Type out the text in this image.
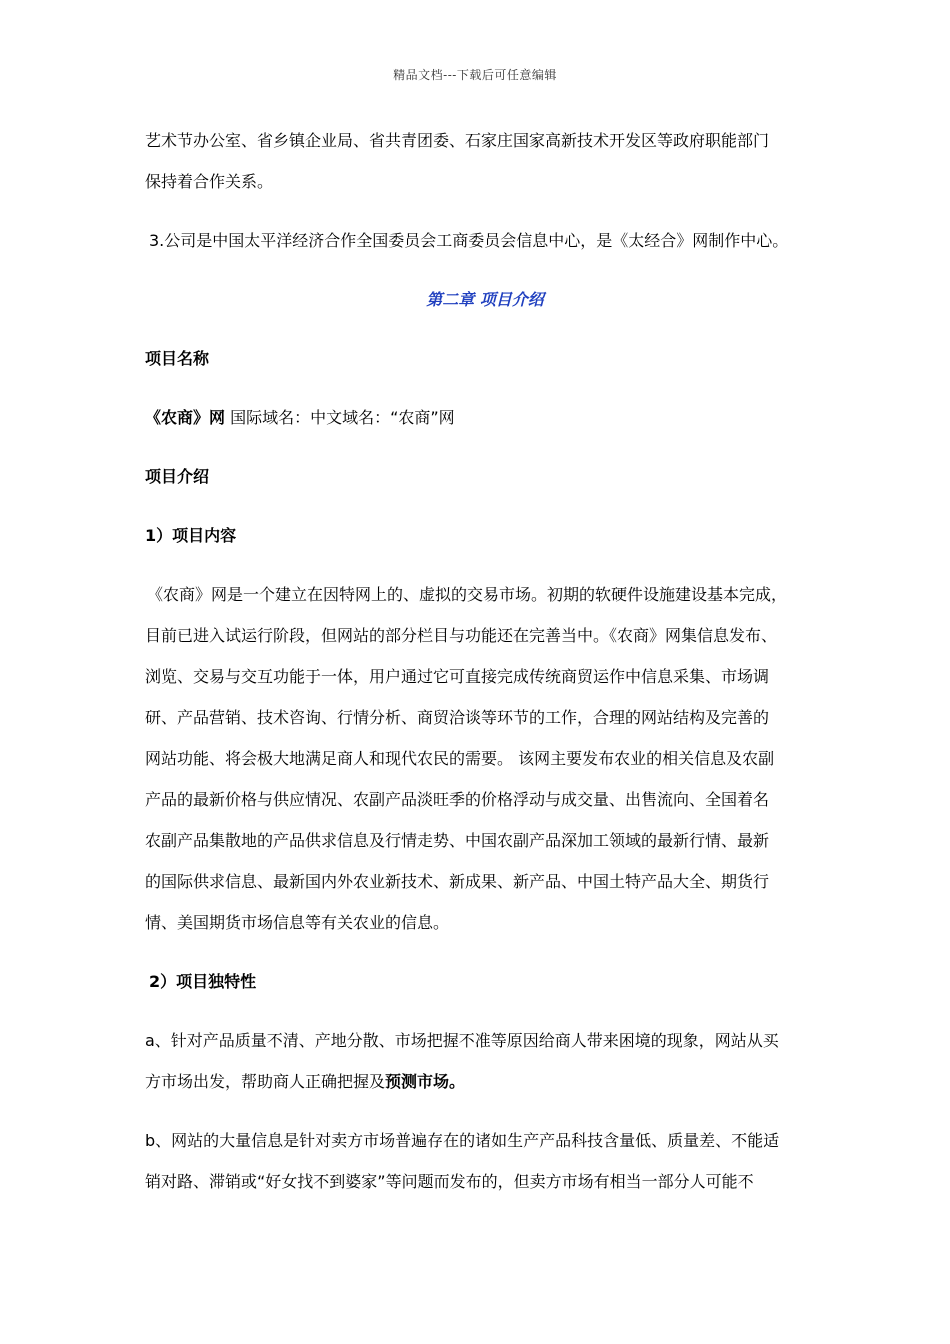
精品文档---下载后可任意编辑
艺术节办公室、省乡镇企业局、省共青团委、石家庄国家高新技术开发区等政府职能部门
保持着合作关系。
3.公司是中国太平洋经济合作全国委员会工商委员会信息中心，是《太经合》网制作中心。
第二章 项目介绍
项目名称
《农商》网 国际域名：中文域名：“农商”网
项目介绍
1）项目内容
《农商》网是一个建立在因特网上的、虚拟的交易市场。初期的软硬件设施建设基本完成，
目前已进入试运行阶段，但网站的部分栏目与功能还在完善当中。《农商》网集信息发布、
浏览、交易与交互功能于一体，用户通过它可直接完成传统商贸运作中信息采集、市场调
研、产品营销、技术咨询、行情分析、商贸洽谈等环节的工作，合理的网站结构及完善的
网站功能、将会极大地满足商人和现代农民的需要。 该网主要发布农业的相关信息及农副
产品的最新价格与供应情况、农副产品淡旺季的价格浮动与成交量、出售流向、全国着名
农副产品集散地的产品供求信息及行情走势、中国农副产品深加工领域的最新行情、最新
的国际供求信息、最新国内外农业新技术、新成果、新产品、中国土特产品大全、期货行
情、美国期货市场信息等有关农业的信息。
2）项目独特性
a、针对产品质量不清、产地分散、市场把握不准等原因给商人带来困境的现象，网站从买
方市场出发，帮助商人正确把握及预测市场。
b、网站的大量信息是针对卖方市场普遍存在的诸如生产产品科技含量低、质量差、不能适
销对路、滞销或“好女找不到婆家”等问题而发布的，但卖方市场有相当一部分人可能不
